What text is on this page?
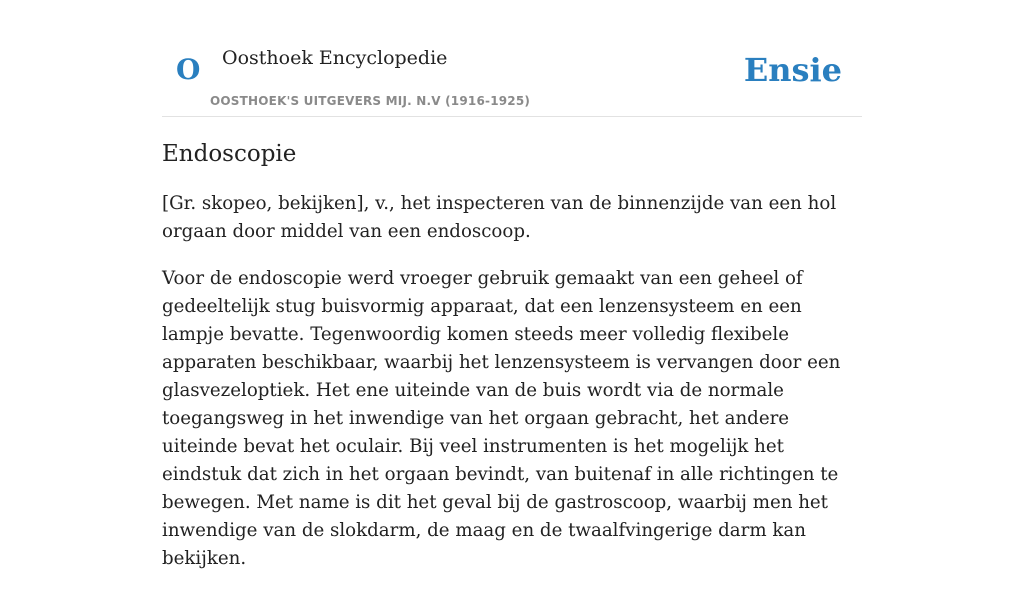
O Oosthoek Encyclopedie
OOSTHOEK'S UITGEVERS MIJ. N.V (1916-1925)
Ensie
Endoscopie

[Gr. skopeo, bekijken], v., het inspecteren van de binnenzijde van een hol orgaan door middel van een endoscoop.

Voor de endoscopie werd vroeger gebruik gemaakt van een geheel of gedeeltelijk stug buisvormig apparaat, dat een lenzensysteem en een lampje bevatte. Tegenwoordig komen steeds meer volledig flexibele apparaten beschikbaar, waarbij het lenzensysteem is vervangen door een glasvezeloptiek. Het ene uiteinde van de buis wordt via de normale toegangsweg in het inwendige van het orgaan gebracht, het andere uiteinde bevat het oculair. Bij veel instrumenten is het mogelijk het eindstuk dat zich in het orgaan bevindt, van buitenaf in alle richtingen te bewegen. Met name is dit het geval bij de gastroscoop, waarbij men het inwendige van de slokdarm, de maag en de twaalfvingerige darm kan bekijken.
